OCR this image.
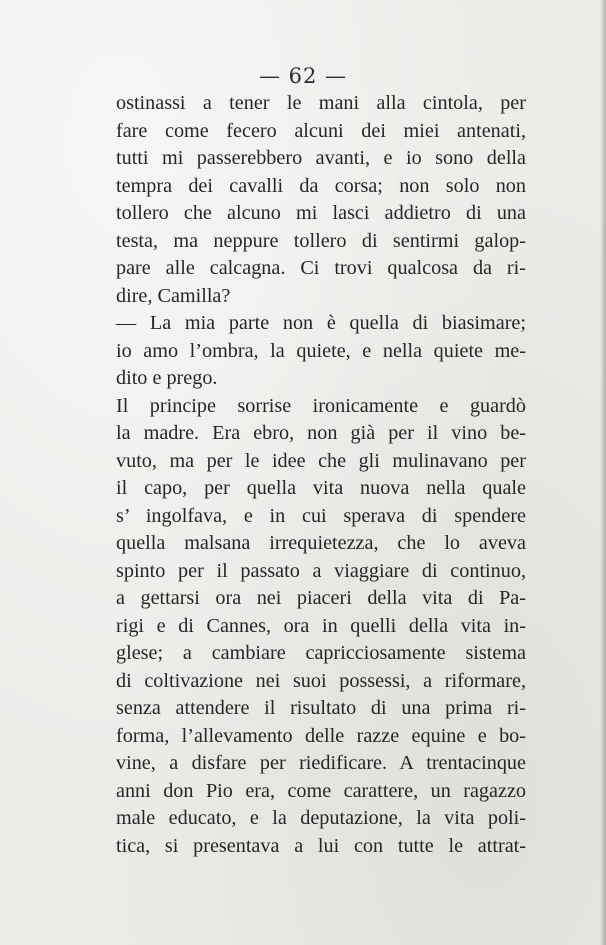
— 62 —
ostinassi a tener le mani alla cintola, per
fare come fecero alcuni dei miei antenati,
tutti mi passerebbero avanti, e io sono della
tempra dei cavalli da corsa; non solo non
tollero che alcuno mi lasci addietro di una
testa, ma neppure tollero di sentirmi galop-
pare alle calcagna. Ci trovi qualcosa da ri-
dire, Camilla?
— La mia parte non è quella di biasimare;
io amo l’ombra, la quiete, e nella quiete me-
dito e prego.
Il principe sorrise ironicamente e guardò
la madre. Era ebro, non già per il vino be-
vuto, ma per le idee che gli mulinavano per
il capo, per quella vita nuova nella quale
s’ ingolfava, e in cui sperava di spendere
quella malsana irrequietezza, che lo aveva
spinto per il passato a viaggiare di continuo,
a gettarsi ora nei piaceri della vita di Pa-
rigi e di Cannes, ora in quelli della vita in-
glese; a cambiare capricciosamente sistema
di coltivazione nei suoi possessi, a riformare,
senza attendere il risultato di una prima ri-
forma, l’allevamento delle razze equine e bo-
vine, a disfare per riedificare. A trentacinque
anni don Pio era, come carattere, un ragazzo
male educato, e la deputazione, la vita poli-
tica, si presentava a lui con tutte le attrat-
